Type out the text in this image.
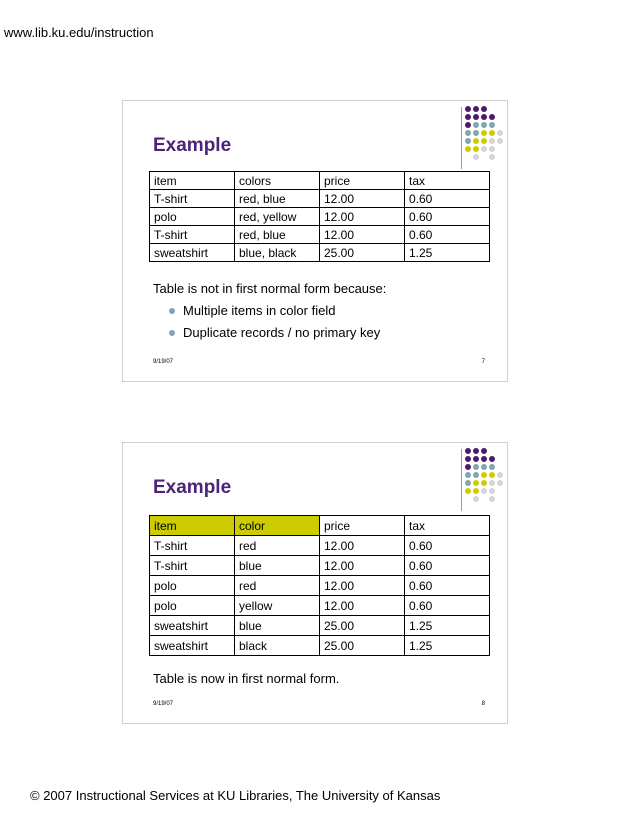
www.lib.ku.edu/instruction
Example
item	colors	price	tax
T-shirt	red, blue	12.00	0.60
polo	red, yellow	12.00	0.60
T-shirt	red, blue	12.00	0.60
sweatshirt	blue, black	25.00	1.25
Table is not in first normal form because:
Multiple items in color field
Duplicate records / no primary key
9/19/07	7
Example
item	color	price	tax
T-shirt	red	12.00	0.60
T-shirt	blue	12.00	0.60
polo	red	12.00	0.60
polo	yellow	12.00	0.60
sweatshirt	blue	25.00	1.25
sweatshirt	black	25.00	1.25
Table is now in first normal form.
9/19/07	8
© 2007 Instructional Services at KU Libraries, The University of Kansas
